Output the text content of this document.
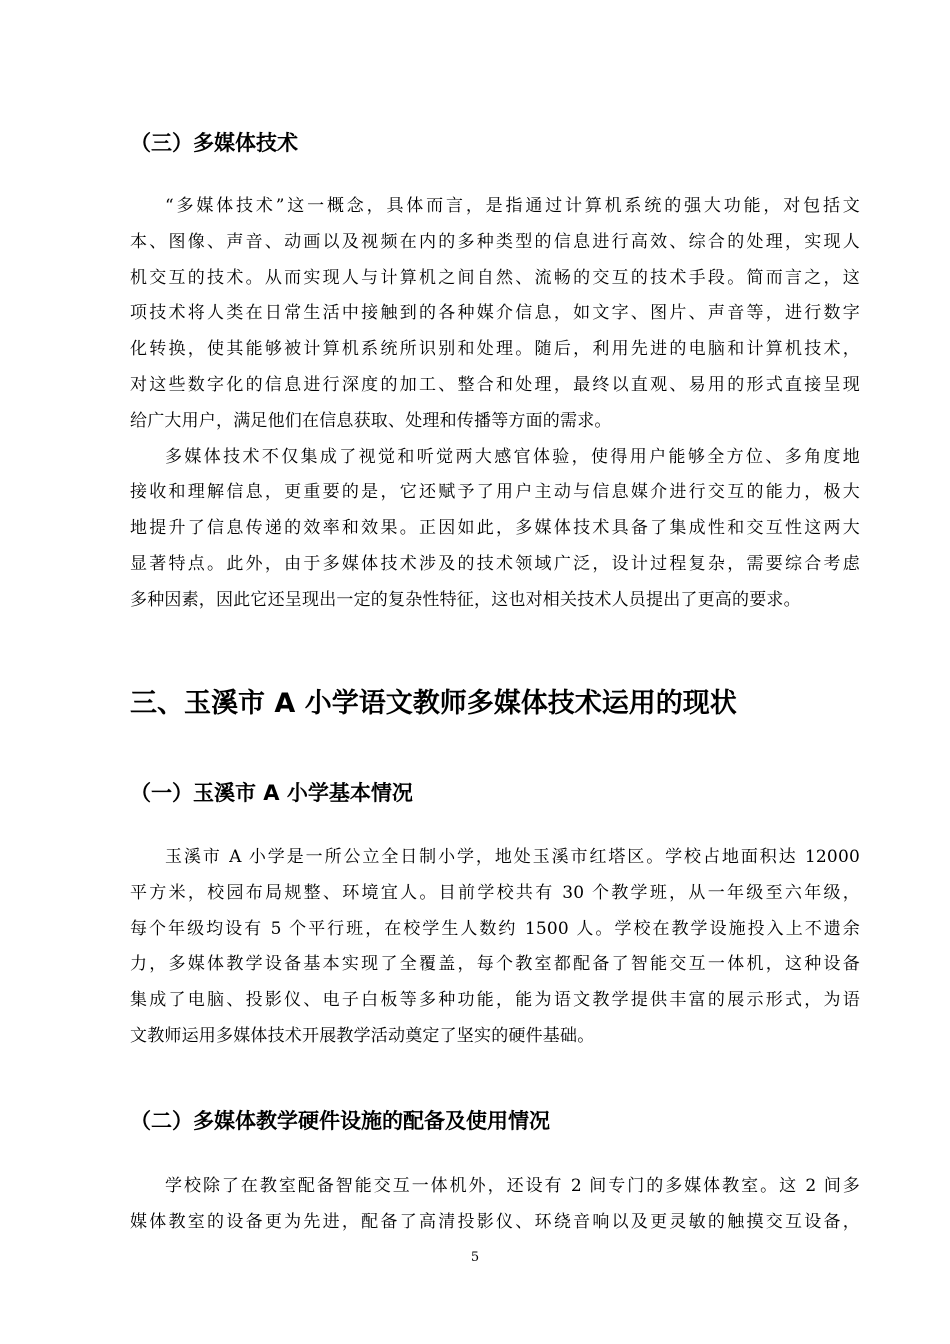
（三）多媒体技术
“多媒体技术”这一概念，具体而言，是指通过计算机系统的强大功能，对包括文
本、图像、声音、动画以及视频在内的多种类型的信息进行高效、综合的处理，实现人
机交互的技术。从而实现人与计算机之间自然、流畅的交互的技术手段。简而言之，这
项技术将人类在日常生活中接触到的各种媒介信息，如文字、图片、声音等，进行数字
化转换，使其能够被计算机系统所识别和处理。随后，利用先进的电脑和计算机技术，
对这些数字化的信息进行深度的加工、整合和处理，最终以直观、易用的形式直接呈现
给广大用户，满足他们在信息获取、处理和传播等方面的需求。
多媒体技术不仅集成了视觉和听觉两大感官体验，使得用户能够全方位、多角度地
接收和理解信息，更重要的是，它还赋予了用户主动与信息媒介进行交互的能力，极大
地提升了信息传递的效率和效果。正因如此，多媒体技术具备了集成性和交互性这两大
显著特点。此外，由于多媒体技术涉及的技术领域广泛，设计过程复杂，需要综合考虑
多种因素，因此它还呈现出一定的复杂性特征，这也对相关技术人员提出了更高的要求。
三、玉溪市 A 小学语文教师多媒体技术运用的现状
（一）玉溪市 A 小学基本情况
玉溪市 A 小学是一所公立全日制小学，地处玉溪市红塔区。学校占地面积达 12000
平方米，校园布局规整、环境宜人。目前学校共有 30 个教学班，从一年级至六年级，
每个年级均设有 5 个平行班，在校学生人数约 1500 人。学校在教学设施投入上不遗余
力，多媒体教学设备基本实现了全覆盖，每个教室都配备了智能交互一体机，这种设备
集成了电脑、投影仪、电子白板等多种功能，能为语文教学提供丰富的展示形式，为语
文教师运用多媒体技术开展教学活动奠定了坚实的硬件基础。
（二）多媒体教学硬件设施的配备及使用情况
学校除了在教室配备智能交互一体机外，还设有 2 间专门的多媒体教室。这 2 间多
媒体教室的设备更为先进，配备了高清投影仪、环绕音响以及更灵敏的触摸交互设备，
5
